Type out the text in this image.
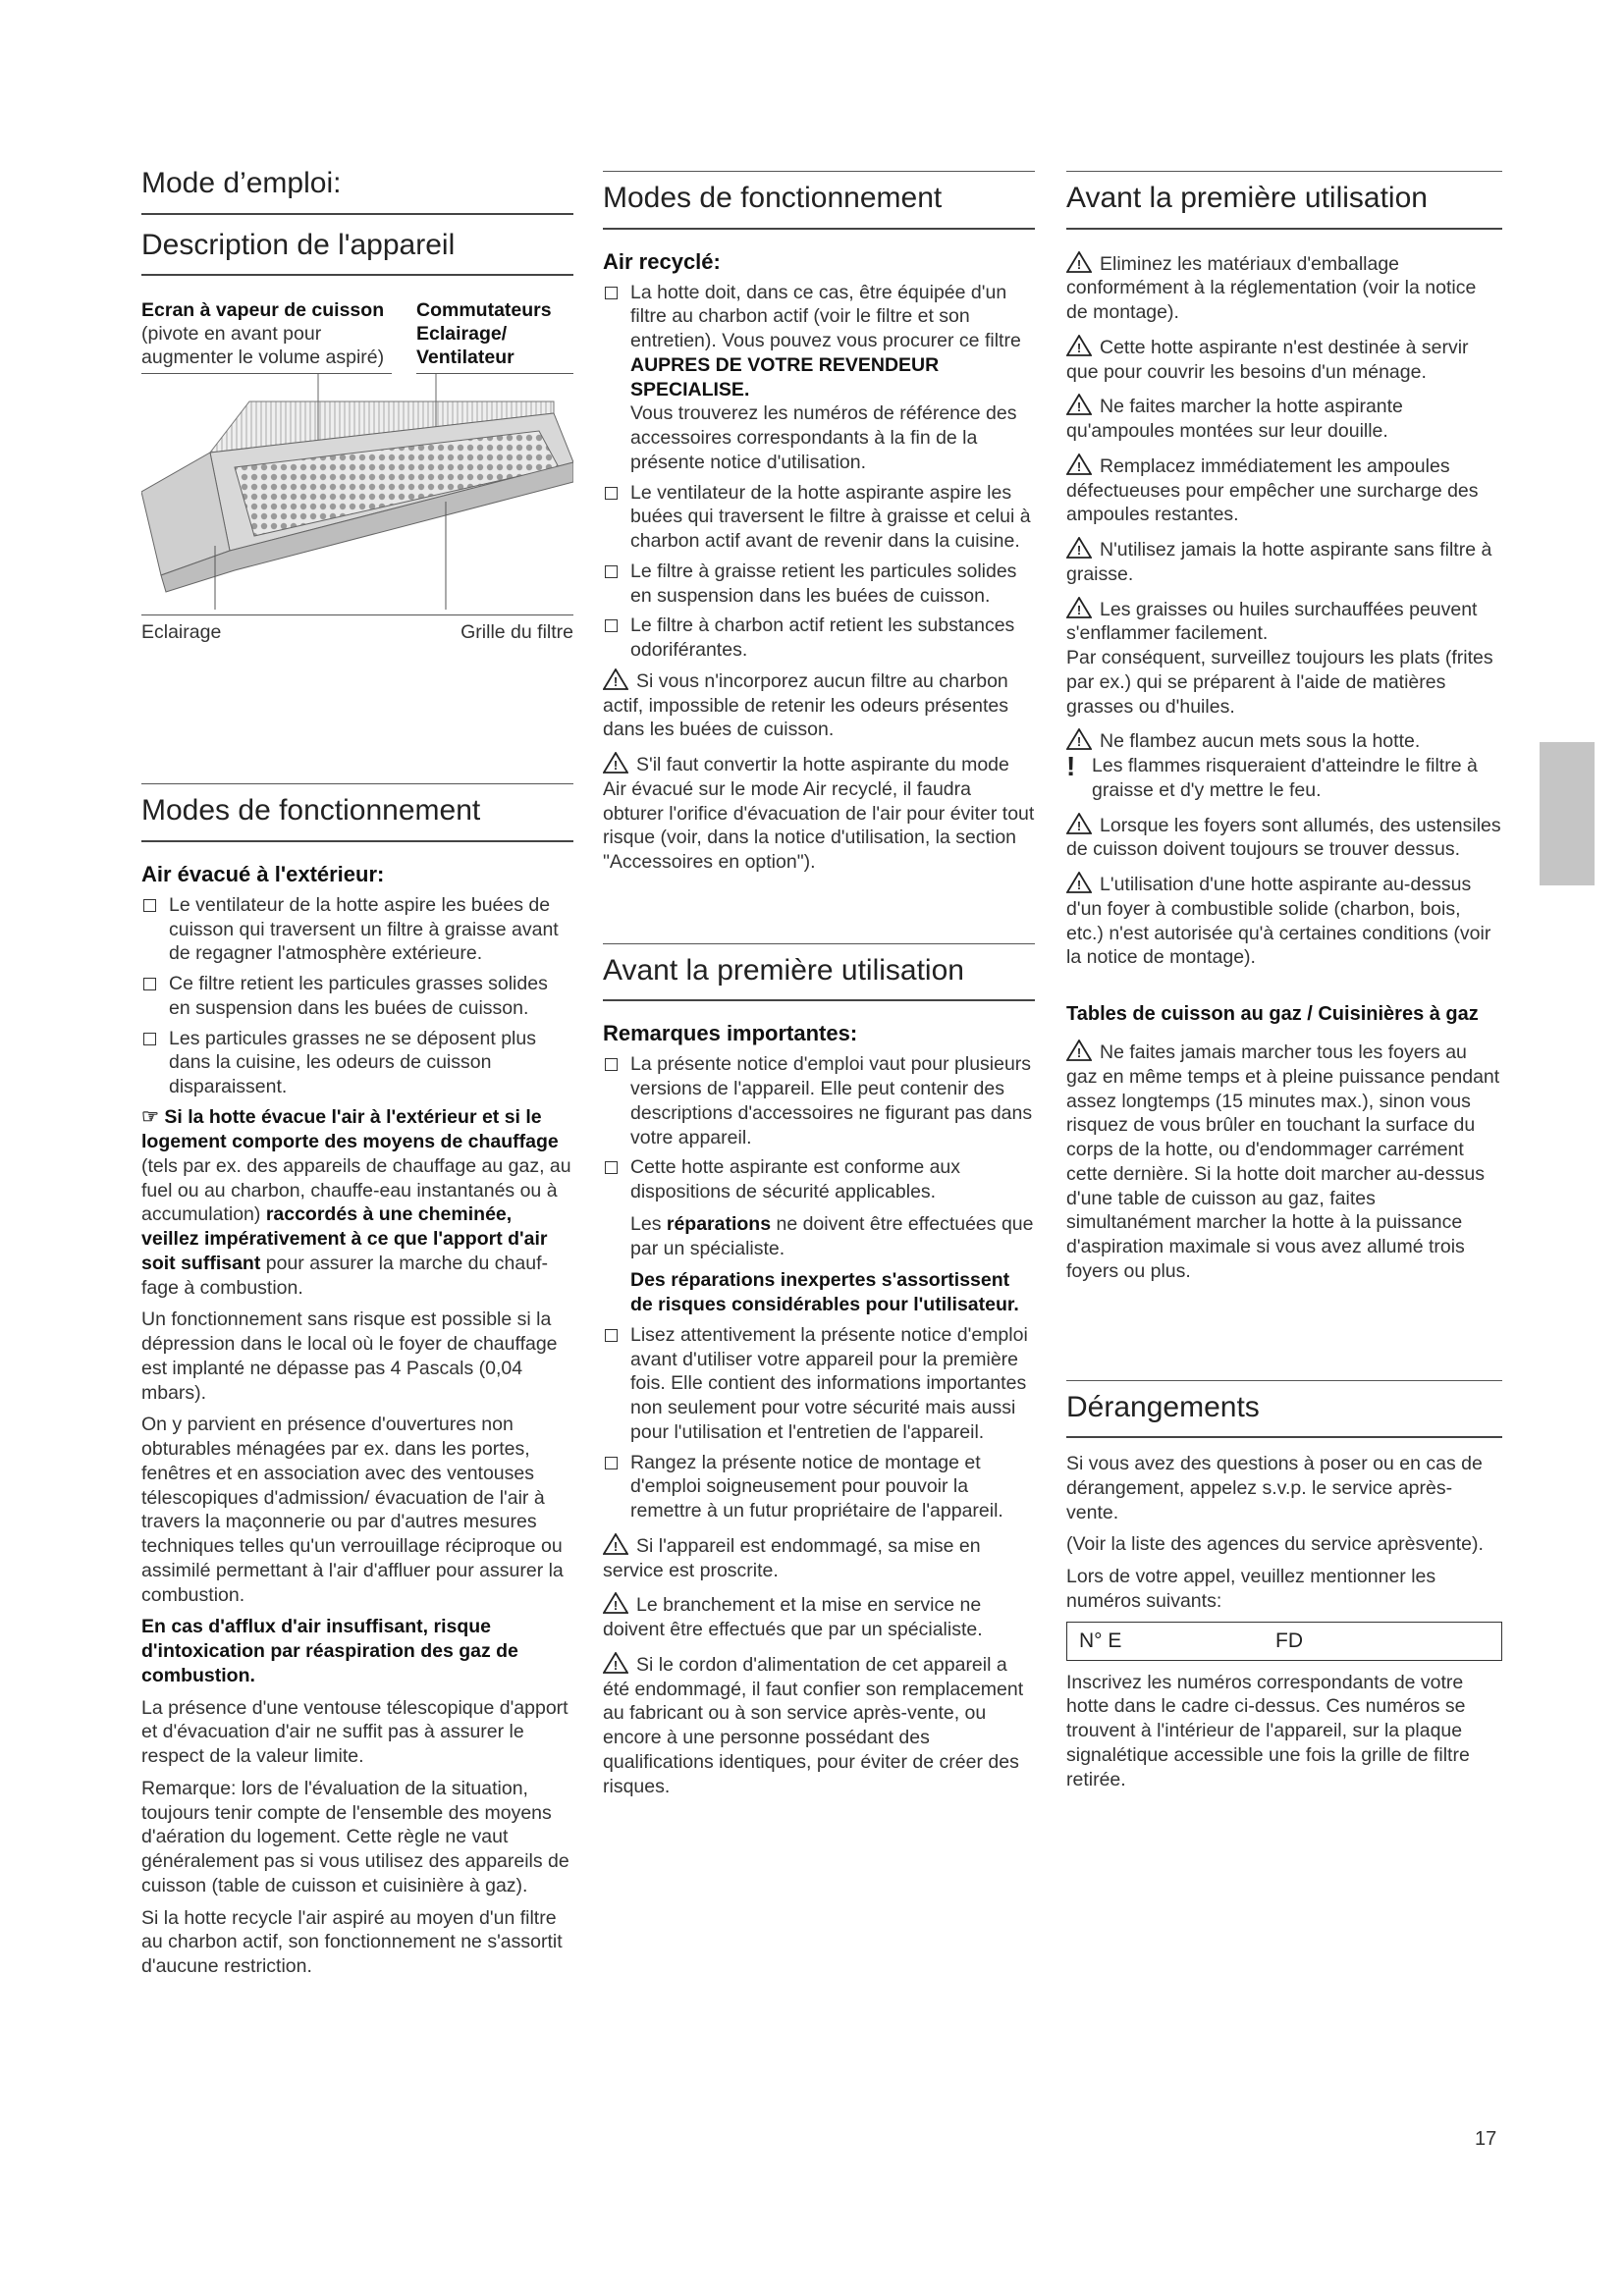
Mode d’emploi:
Description de l'appareil
Ecran à vapeur de cuisson (pivote en avant pour augmenter le volume aspiré)
Commutateurs Eclairage/ Ventilateur
Eclairage	Grille du filtre
Modes de fonctionnement
Air évacué à l'extérieur:
Le ventilateur de la hotte aspire les buées de cuisson qui traversent un filtre à graisse avant de regagner l'atmosphère extérieure.
Ce filtre retient les particules grasses solides en suspension dans les buées de cuisson.
Les particules grasses ne se déposent plus dans la cuisine, les odeurs de cuisson disparaissent.

☞ Si la hotte évacue l'air à l'extérieur et si le logement comporte des moyens de chauffage (tels par ex. des appareils de chauffage au gaz, au fuel ou au charbon, chauffe-eau instantanés ou à accumulation) raccordés à une cheminée, veillez impérativement à ce que l'apport d'air soit suffisant pour assurer la marche du chauffage à combustion.

Un fonctionnement sans risque est possible si la dépression dans le local où le foyer de chauffage est implanté ne dépasse pas 4 Pascals (0,04 mbars).

On y parvient en présence d'ouvertures non obturables ménagées par ex. dans les portes, fenêtres et en association avec des ventouses télescopiques d'admission/ évacuation de l'air à travers la maçonnerie ou par d'autres mesures techniques telles qu'un verrouillage réciproque ou assimilé permettant à l'air d'affluer pour assurer la combustion.

En cas d'afflux d'air insuffisant, risque d'intoxication par réaspiration des gaz de combustion.

La présence d'une ventouse télescopique d'apport et d'évacuation d'air ne suffit pas à assurer le respect de la valeur limite.

Remarque: lors de l'évaluation de la situation, toujours tenir compte de l'ensemble des moyens d'aération du logement. Cette règle ne vaut généralement pas si vous utilisez des appareils de cuisson (table de cuisson et cuisinière à gaz).

Si la hotte recycle l'air aspiré au moyen d'un filtre au charbon actif, son fonctionnement ne s'assortit d'aucune restriction.

Modes de fonctionnement
Air recyclé:
La hotte doit, dans ce cas, être équipée d'un filtre au charbon actif (voir le filtre et son entretien). Vous pouvez vous procurer ce filtre AUPRES DE VOTRE REVENDEUR SPECIALISE.
Vous trouverez les numéros de référence des accessoires correspondants à la fin de la présente notice d'utilisation.
Le ventilateur de la hotte aspirante aspire les buées qui traversent le filtre à graisse et celui à charbon actif avant de revenir dans la cuisine.
Le filtre à graisse retient les particules solides en suspension dans les buées de cuisson.
Le filtre à charbon actif retient les substances odoriférantes.

! Si vous n'incorporez aucun filtre au charbon actif, impossible de retenir les odeurs présentes dans les buées de cuisson.

! S'il faut convertir la hotte aspirante du mode Air évacué sur le mode Air recyclé, il faudra obturer l'orifice d'évacuation de l'air pour éviter tout risque (voir, dans la notice d'utilisation, la section "Accessoires en option").

Avant la première utilisation
Remarques importantes:
La présente notice d'emploi vaut pour plusieurs versions de l'appareil. Elle peut contenir des descriptions d'accessoires ne figurant pas dans votre appareil.
Cette hotte aspirante est conforme aux dispositions de sécurité applicables.
Les réparations ne doivent être effectuées que par un spécialiste.
Des réparations inexpertes s'assortissent de risques considérables pour l'utilisateur.
Lisez attentivement la présente notice d'emploi avant d'utiliser votre appareil pour la première fois. Elle contient des informations importantes non seulement pour votre sécurité mais aussi pour l'utilisation et l'entretien de l'appareil.
Rangez la présente notice de montage et d'emploi soigneusement pour pouvoir la remettre à un futur propriétaire de l'appareil.

! Si l'appareil est endommagé, sa mise en service est proscrite.

! Le branchement et la mise en service ne doivent être effectués que par un spécialiste.

! Si le cordon d'alimentation de cet appareil a été endommagé, il faut confier son remplacement au fabricant ou à son service après-vente, ou encore à une personne possédant des qualifications identiques, pour éviter de créer des risques.

Avant la première utilisation

! Eliminez les matériaux d'emballage conformément à la réglementation (voir la notice de montage).

! Cette hotte aspirante n'est destinée à servir que pour couvrir les besoins d'un ménage.

! Ne faites marcher la hotte aspirante qu'ampoules montées sur leur douille.

! Remplacez immédiatement les ampoules défectueuses pour empêcher une surcharge des ampoules restantes.

! N'utilisez jamais la hotte aspirante sans filtre à graisse.

! Les graisses ou huiles surchauffées peuvent s'enflammer facilement.

Par conséquent, surveillez toujours les plats (frites par ex.) qui se préparent à l'aide de matières grasses ou d'huiles.

! Ne flambez aucun mets sous la hotte.

! Les flammes risqueraient d'atteindre le filtre à graisse et d'y mettre le feu.

! Lorsque les foyers sont allumés, des ustensiles de cuisson doivent toujours se trouver dessus.

! L'utilisation d'une hotte aspirante au-dessus d'un foyer à combustible solide (charbon, bois, etc.) n'est autorisée qu'à certaines conditions (voir la notice de montage).

Tables de cuisson au gaz / Cuisinières à gaz

! Ne faites jamais marcher tous les foyers au gaz en même temps et à pleine puissance pendant assez longtemps (15 minutes max.), sinon vous risquez de vous brûler en touchant la surface du corps de la hotte, ou d'endommager carrément cette dernière. Si la hotte doit marcher au-dessus d'une table de cuisson au gaz, faites simultanément marcher la hotte à la puissance d'aspiration maximale si vous avez allumé trois foyers ou plus.

Dérangements

Si vous avez des questions à poser ou en cas de dérangement, appelez s.v.p. le service après-vente.

(Voir la liste des agences du service aprèsvente).

Lors de votre appel, veuillez mentionner les numéros suivants:

N° E	FD

Inscrivez les numéros correspondants de votre hotte dans le cadre ci-dessus. Ces numéros se trouvent à l'intérieur de l'appareil, sur la plaque signalétique accessible une fois la grille de filtre retirée.

17
